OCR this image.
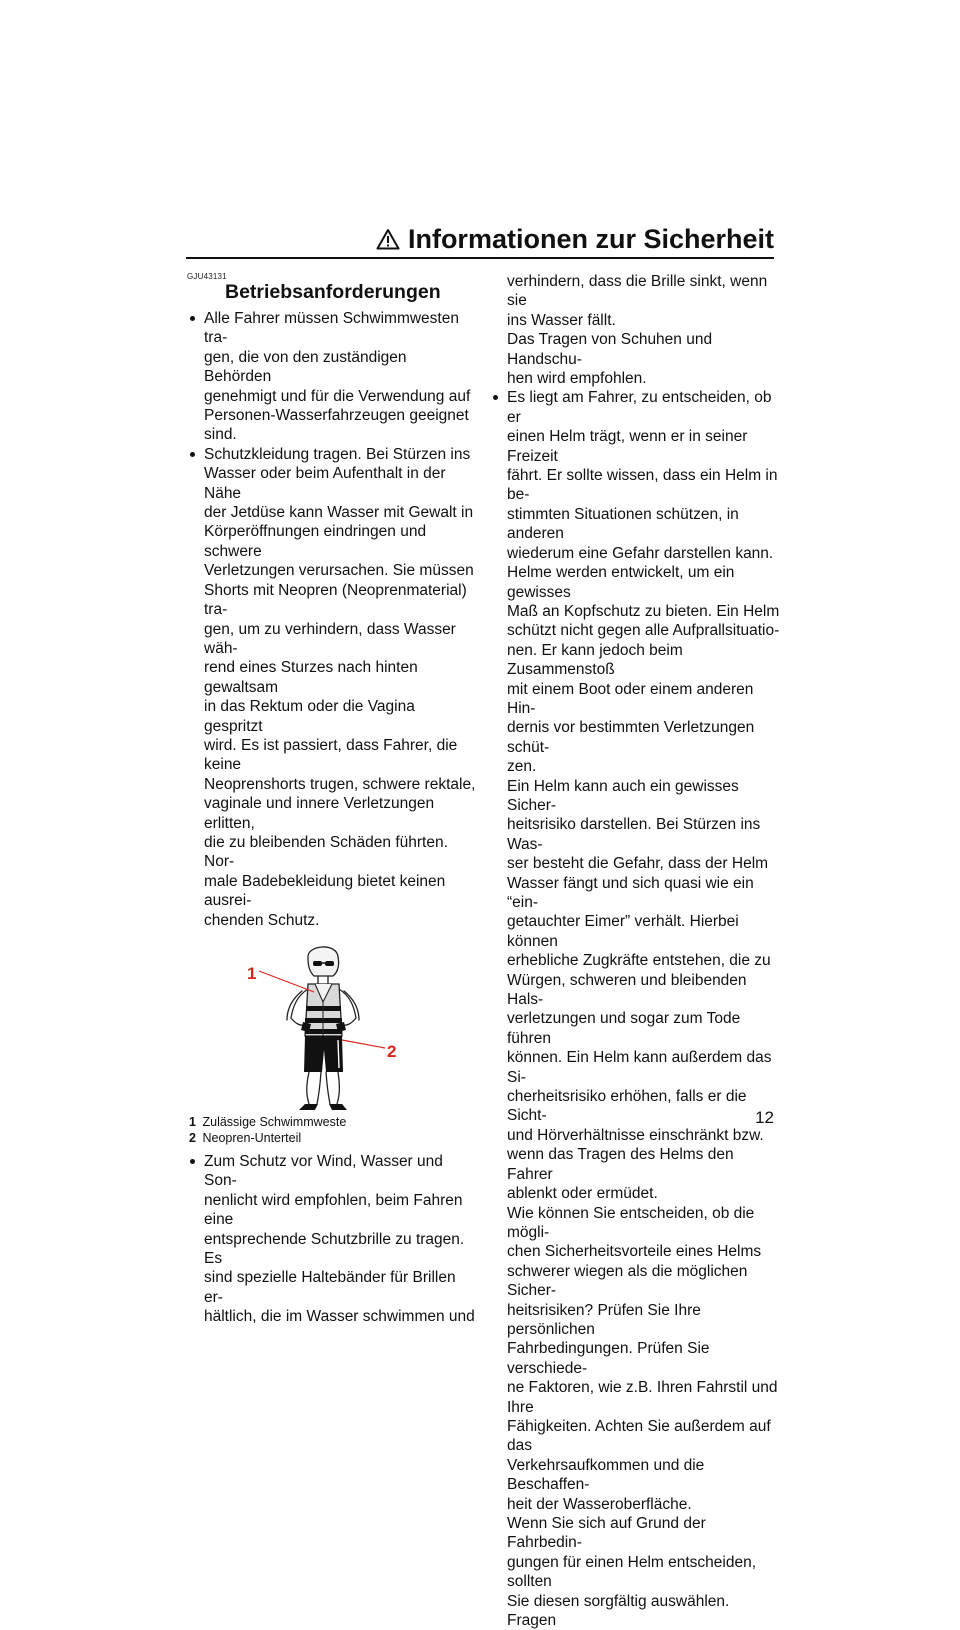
Informationen zur Sicherheit
GJU43131
Betriebsanforderungen
Alle Fahrer müssen Schwimmwesten tra-
gen, die von den zuständigen Behörden
genehmigt und für die Verwendung auf
Personen-Wasserfahrzeugen geeignet
sind.
Schutzkleidung tragen. Bei Stürzen ins
Wasser oder beim Aufenthalt in der Nähe
der Jetdüse kann Wasser mit Gewalt in
Körperöffnungen eindringen und schwere
Verletzungen verursachen. Sie müssen
Shorts mit Neopren (Neoprenmaterial) tra-
gen, um zu verhindern, dass Wasser wäh-
rend eines Sturzes nach hinten gewaltsam
in das Rektum oder die Vagina gespritzt
wird. Es ist passiert, dass Fahrer, die keine
Neoprenshorts trugen, schwere rektale,
vaginale und innere Verletzungen erlitten,
die zu bleibenden Schäden führten. Nor-
male Badebekleidung bietet keinen ausrei-
chenden Schutz.
1
2
1 Zulässige Schwimmweste
2 Neopren-Unterteil
Zum Schutz vor Wind, Wasser und Son-
nenlicht wird empfohlen, beim Fahren eine
entsprechende Schutzbrille zu tragen. Es
sind spezielle Haltebänder für Brillen er-
hältlich, die im Wasser schwimmen und
verhindern, dass die Brille sinkt, wenn sie
ins Wasser fällt.
Das Tragen von Schuhen und Handschu-
hen wird empfohlen.
Es liegt am Fahrer, zu entscheiden, ob er
einen Helm trägt, wenn er in seiner Freizeit
fährt. Er sollte wissen, dass ein Helm in be-
stimmten Situationen schützen, in anderen
wiederum eine Gefahr darstellen kann.
Helme werden entwickelt, um ein gewisses
Maß an Kopfschutz zu bieten. Ein Helm
schützt nicht gegen alle Aufprallsituatio-
nen. Er kann jedoch beim Zusammenstoß
mit einem Boot oder einem anderen Hin-
dernis vor bestimmten Verletzungen schüt-
zen.
Ein Helm kann auch ein gewisses Sicher-
heitsrisiko darstellen. Bei Stürzen ins Was-
ser besteht die Gefahr, dass der Helm
Wasser fängt und sich quasi wie ein “ein-
getauchter Eimer” verhält. Hierbei können
erhebliche Zugkräfte entstehen, die zu
Würgen, schweren und bleibenden Hals-
verletzungen und sogar zum Tode führen
können. Ein Helm kann außerdem das Si-
cherheitsrisiko erhöhen, falls er die Sicht-
und Hörverhältnisse einschränkt bzw.
wenn das Tragen des Helms den Fahrer
ablenkt oder ermüdet.
Wie können Sie entscheiden, ob die mögli-
chen Sicherheitsvorteile eines Helms
schwerer wiegen als die möglichen Sicher-
heitsrisiken? Prüfen Sie Ihre persönlichen
Fahrbedingungen. Prüfen Sie verschiede-
ne Faktoren, wie z.B. Ihren Fahrstil und Ihre
Fähigkeiten. Achten Sie außerdem auf das
Verkehrsaufkommen und die Beschaffen-
heit der Wasseroberfläche.
Wenn Sie sich auf Grund der Fahrbedin-
gungen für einen Helm entscheiden, sollten
Sie diesen sorgfältig auswählen. Fragen
12
